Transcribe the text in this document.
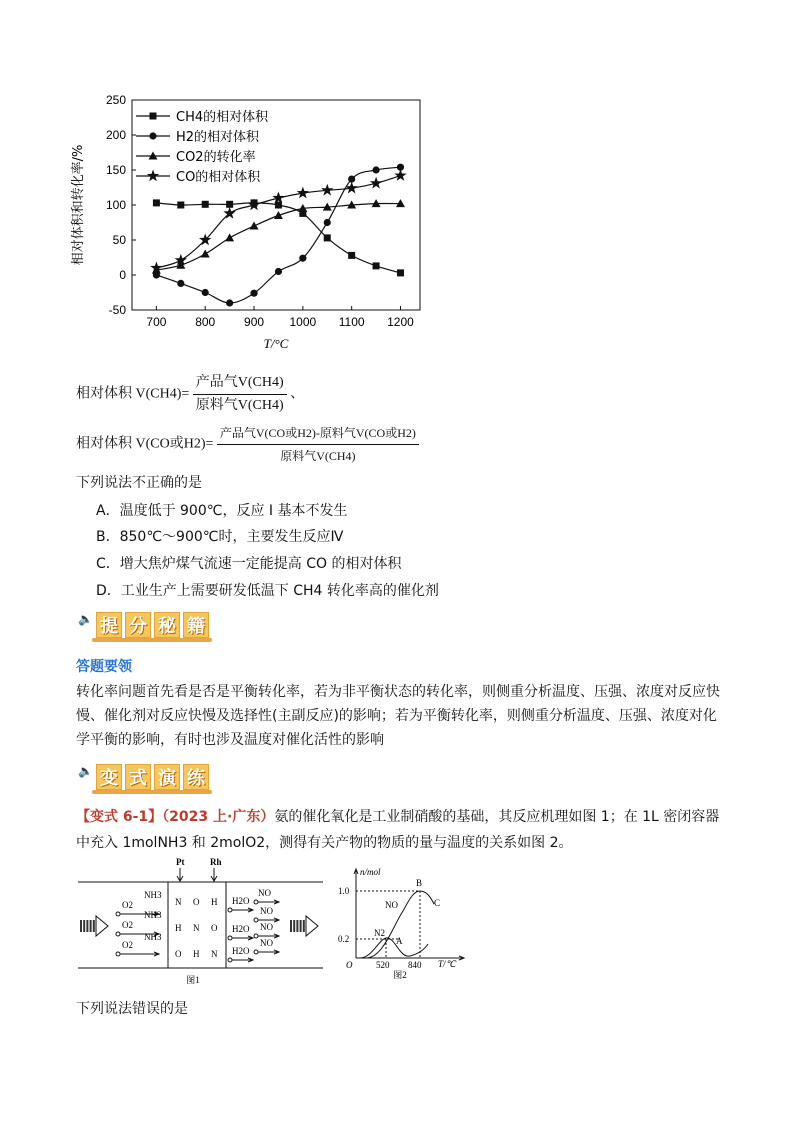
-50
0
50
100
150
200
250
700 800 900 1000 1100 1200
T/°C
相对体积和转化率/%
CH4的相对体积
H2的相对体积
CO2的转化率
CO的相对体积
相对体积 $V(CH4)= \frac{\text{产品气V(CH4)}}{\text{原料气V(CH4)}}$ 、
相对体积 V(CO或$H2)= \frac{\text{产品气V(CO或H2)-原料气V(CO或H2)}}{\text{原料气V(CH4)}}$
下列说法不正确的是
A．温度低于 900℃，反应 I 基本不发生
B．850℃～900℃时，主要发生反应Ⅳ
C．增大焦炉煤气流速一定能提高 CO 的相对体积
D．工业生产上需要研发低温下 CH4 转化率高的催化剂
🔈 提 分 秘 籍
答题要领
转化率问题首先看是否是平衡转化率，若为非平衡状态的转化率，则侧重分析温度、压强、浓度对反应快慢、催化剂对反应快慢及选择性(主副反应)的影响；若为平衡转化率，则侧重分析温度、压强、浓度对化学平衡的影响，有时也涉及温度对催化活性的影响
🔈 变 式 演 练
【变式 6-1】（2023 上·广东）氨的催化氧化是工业制硝酸的基础，其反应机理如图 1；在 1L 密闭容器中充入 1molNH3 和 2molO2，测得有关产物的物质的量与温度的关系如图 2。
Pt	Rh
O2
NH3
O2
NH3
O2
NH3
N O H
H N O
O H N
H2O
NO
NO
H2O NO
H2O
NO
图1
n/mol
T/℃
O
1.0
0.2
520 840
NO
N2
A
B
C
图2
下列说法错误的是
